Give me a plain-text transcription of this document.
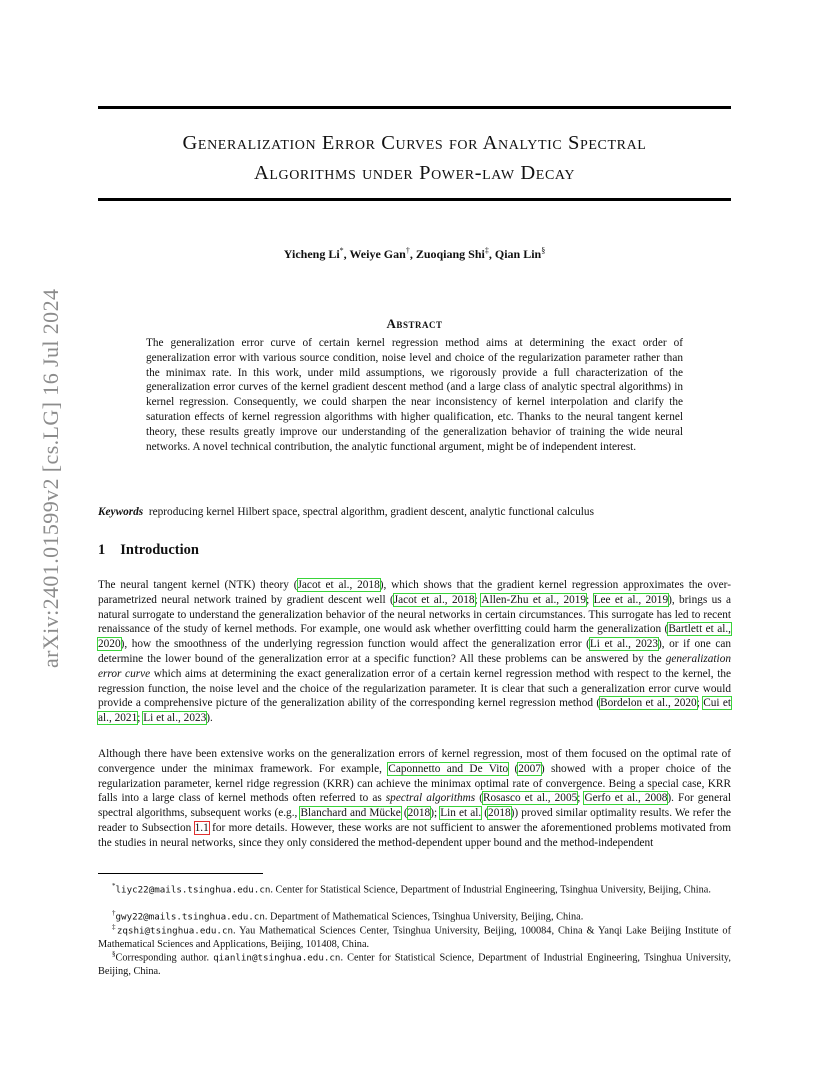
arXiv:2401.01599v2 [cs.LG] 16 Jul 2024
Generalization Error Curves for Analytic Spectral
Algorithms under Power-law Decay
Yicheng Li*, Weiye Gan†, Zuoqiang Shi‡, Qian Lin§
Abstract
The generalization error curve of certain kernel regression method aims at determining the exact order of generalization error with various source condition, noise level and choice of the regularization parameter rather than the minimax rate. In this work, under mild assumptions, we rigorously provide a full characterization of the generalization error curves of the kernel gradient descent method (and a large class of analytic spectral algorithms) in kernel regression. Consequently, we could sharpen the near inconsistency of kernel interpolation and clarify the saturation effects of kernel regression algorithms with higher qualification, etc. Thanks to the neural tangent kernel theory, these results greatly improve our understanding of the generalization behavior of training the wide neural networks. A novel technical contribution, the analytic functional argument, might be of independent interest.
Keywords reproducing kernel Hilbert space, spectral algorithm, gradient descent, analytic functional calculus
1 Introduction
The neural tangent kernel (NTK) theory (Jacot et al., 2018), which shows that the gradient kernel regression approximates the over-parametrized neural network trained by gradient descent well (Jacot et al., 2018; Allen-Zhu et al., 2019; Lee et al., 2019), brings us a natural surrogate to understand the generalization behavior of the neural networks in certain circumstances. This surrogate has led to recent renaissance of the study of kernel methods. For example, one would ask whether overfitting could harm the generalization (Bartlett et al., 2020), how the smoothness of the underlying regression function would affect the generalization error (Li et al., 2023), or if one can determine the lower bound of the generalization error at a specific function? All these problems can be answered by the generalization error curve which aims at determining the exact generalization error of a certain kernel regression method with respect to the kernel, the regression function, the noise level and the choice of the regularization parameter. It is clear that such a generalization error curve would provide a comprehensive picture of the generalization ability of the corresponding kernel regression method (Bordelon et al., 2020; Cui et al., 2021; Li et al., 2023).
Although there have been extensive works on the generalization errors of kernel regression, most of them focused on the optimal rate of convergence under the minimax framework. For example, Caponnetto and De Vito (2007) showed with a proper choice of the regularization parameter, kernel ridge regression (KRR) can achieve the minimax optimal rate of convergence. Being a special case, KRR falls into a large class of kernel methods often referred to as spectral algorithms (Rosasco et al., 2005; Gerfo et al., 2008). For general spectral algorithms, subsequent works (e.g., Blanchard and Mücke (2018); Lin et al. (2018)) proved similar optimality results. We refer the reader to Subsection 1.1 for more details. However, these works are not sufficient to answer the aforementioned problems motivated from the studies in neural networks, since they only considered the method-dependent upper bound and the method-independent
*liyc22@mails.tsinghua.edu.cn. Center for Statistical Science, Department of Industrial Engineering, Tsinghua University, Beijing, China.
†gwy22@mails.tsinghua.edu.cn. Department of Mathematical Sciences, Tsinghua University, Beijing, China.
‡zqshi@tsinghua.edu.cn. Yau Mathematical Sciences Center, Tsinghua University, Beijing, 100084, China & Yanqi Lake Beijing Institute of Mathematical Sciences and Applications, Beijing, 101408, China.
§Corresponding author. qianlin@tsinghua.edu.cn. Center for Statistical Science, Department of Industrial Engineering, Tsinghua University, Beijing, China.
